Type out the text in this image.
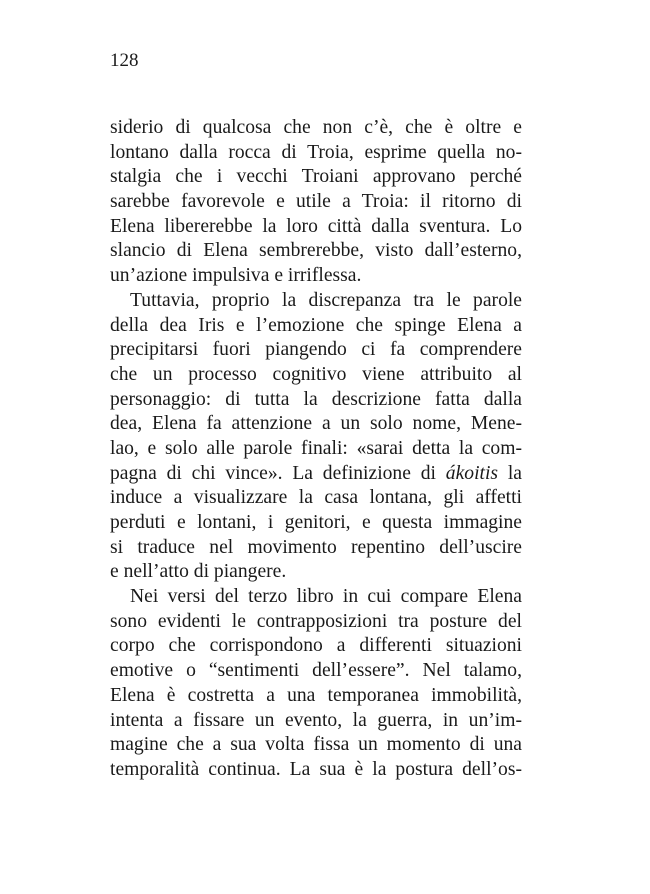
128
siderio di qualcosa che non c’è, che è oltre e
lontano dalla rocca di Troia, esprime quella no-
stalgia che i vecchi Troiani approvano perché
sarebbe favorevole e utile a Troia: il ritorno di
Elena libererebbe la loro città dalla sventura. Lo
slancio di Elena sembrerebbe, visto dall’esterno,
un’azione impulsiva e irriflessa.
Tuttavia, proprio la discrepanza tra le parole
della dea Iris e l’emozione che spinge Elena a
precipitarsi fuori piangendo ci fa comprendere
che un processo cognitivo viene attribuito al
personaggio: di tutta la descrizione fatta dalla
dea, Elena fa attenzione a un solo nome, Mene-
lao, e solo alle parole finali: «sarai detta la com-
pagna di chi vince». La definizione di ákoitis la
induce a visualizzare la casa lontana, gli affetti
perduti e lontani, i genitori, e questa immagine
si traduce nel movimento repentino dell’uscire
e nell’atto di piangere.
Nei versi del terzo libro in cui compare Elena
sono evidenti le contrapposizioni tra posture del
corpo che corrispondono a differenti situazioni
emotive o “sentimenti dell’essere”. Nel talamo,
Elena è costretta a una temporanea immobilità,
intenta a fissare un evento, la guerra, in un’im-
magine che a sua volta fissa un momento di una
temporalità continua. La sua è la postura dell’os-
